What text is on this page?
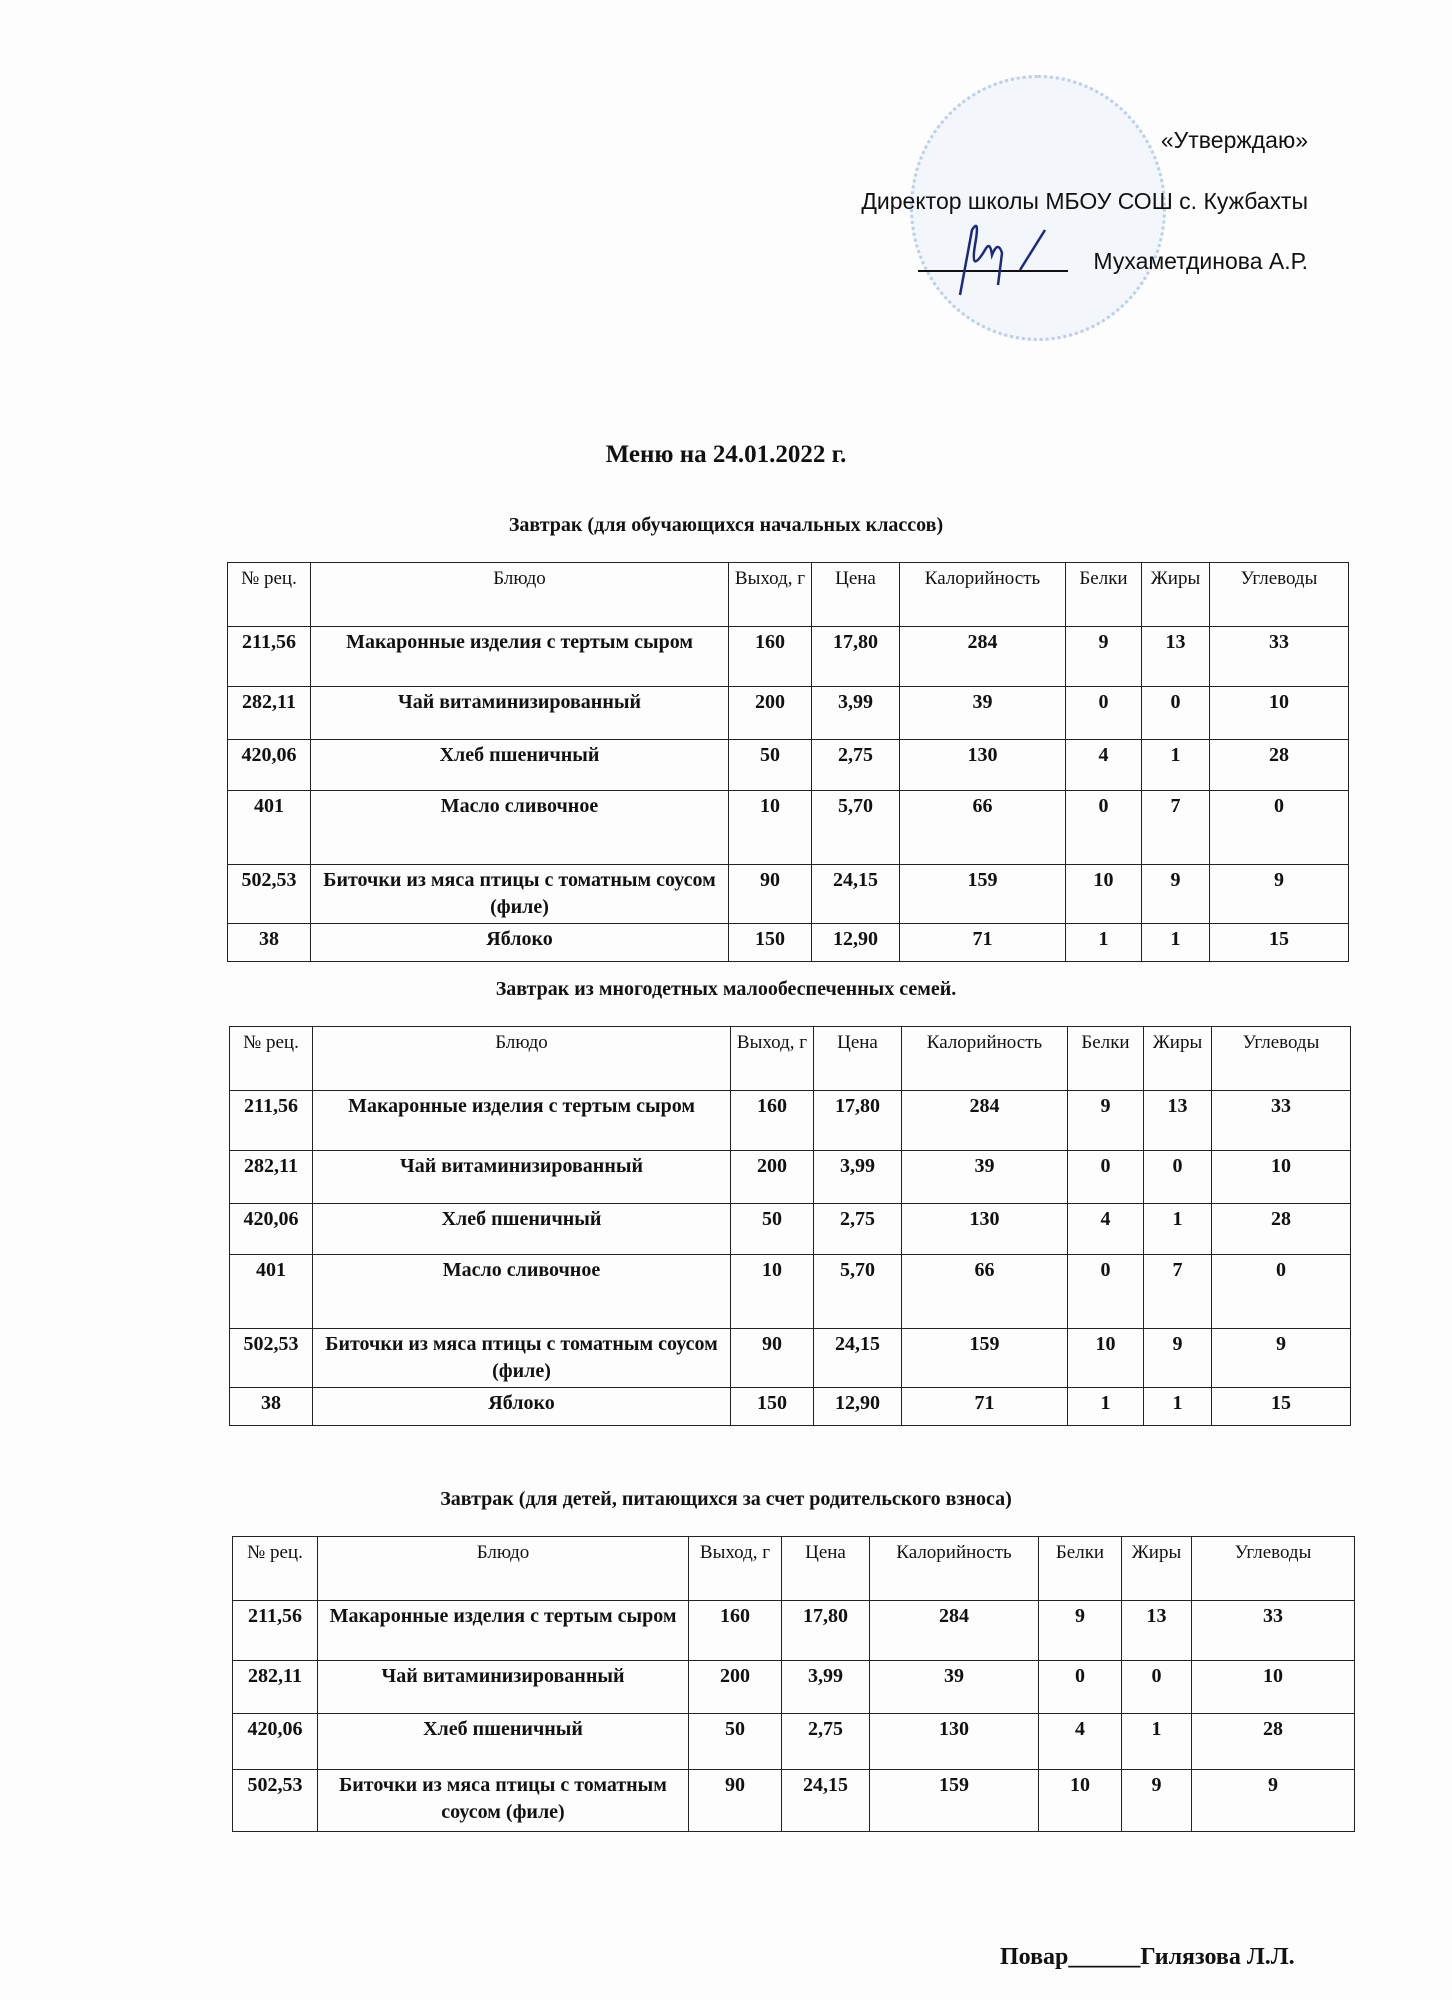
«Утверждаю»
Директор школы МБОУ СОШ с. Кужбахты
Мухаметдинова А.Р.
Меню на 24.01.2022 г.
Завтрак (для обучающихся начальных классов)
№ рец.	Блюдо	Выход, г	Цена	Калорийность	Белки	Жиры	Углеводы
211,56	Макаронные изделия с тертым сыром	160	17,80	284	9	13	33
282,11	Чай витаминизированный	200	3,99	39	0	0	10
420,06	Хлеб пшеничный	50	2,75	130	4	1	28
401	Масло сливочное	10	5,70	66	0	7	0
502,53	Биточки из мяса птицы с томатным соусом (филе)	90	24,15	159	10	9	9
38	Яблоко	150	12,90	71	1	1	15
Завтрак из многодетных малообеспеченных семей.
№ рец.	Блюдо	Выход, г	Цена	Калорийность	Белки	Жиры	Углеводы
211,56	Макаронные изделия с тертым сыром	160	17,80	284	9	13	33
282,11	Чай витаминизированный	200	3,99	39	0	0	10
420,06	Хлеб пшеничный	50	2,75	130	4	1	28
401	Масло сливочное	10	5,70	66	0	7	0
502,53	Биточки из мяса птицы с томатным соусом (филе)	90	24,15	159	10	9	9
38	Яблоко	150	12,90	71	1	1	15
Завтрак (для детей, питающихся за счет родительского взноса)
№ рец.	Блюдо	Выход, г	Цена	Калорийность	Белки	Жиры	Углеводы
211,56	Макаронные изделия с тертым сыром	160	17,80	284	9	13	33
282,11	Чай витаминизированный	200	3,99	39	0	0	10
420,06	Хлеб пшеничный	50	2,75	130	4	1	28
502,53	Биточки из мяса птицы с томатным соусом (филе)	90	24,15	159	10	9	9
Повар______Гилязова Л.Л.
